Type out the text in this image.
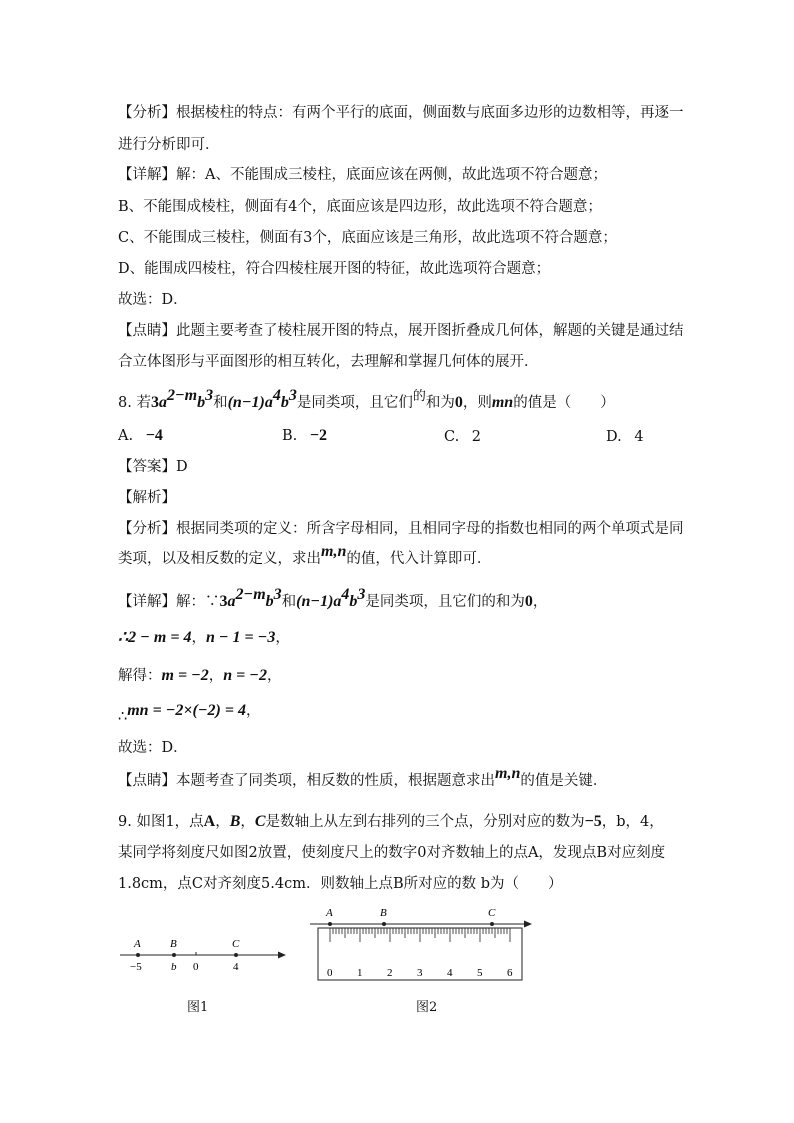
【分析】根据棱柱的特点：有两个平行的底面，侧面数与底面多边形的边数相等，再逐一
进行分析即可．
【详解】解：A、不能围成三棱柱，底面应该在两侧，故此选项不符合题意；
B、不能围成棱柱，侧面有4个，底面应该是四边形，故此选项不符合题意；
C、不能围成三棱柱，侧面有3个，底面应该是三角形，故此选项不符合题意；
D、能围成四棱柱，符合四棱柱展开图的特征，故此选项符合题意；
故选：D．
【点睛】此题主要考查了棱柱展开图的特点，展开图折叠成几何体，解题的关键是通过结
合立体图形与平面图形的相互转化，去理解和掌握几何体的展开．
8. 若$3a^{2-m}b^3$和$(n-1)a^4b^3$是同类项，且它们$^的$和为0，则mn的值是（　　）
A. −4	B. −2	C. 2	D. 4
【答案】D
【解析】
【分析】根据同类项的定义：所含字母相同，且相同字母的指数也相同的两个单项式是同
类项，以及相反数的定义，求出$^{m,n}$的值，代入计算即可．
【详解】解：$\because 3a^{2-m}b^3$和$(n-1)a^4b^3$是同类项，且它们的和为0，
∴2 − m = 4，n − 1 = −3，
解得：m = −2，n = −2，
∴mn = −2×(−2) = 4，
故选：D．
【点睛】本题考查了同类项，相反数的性质，根据题意求出$^{m,n}$的值是关键．
9. 如图1，点A，B，C是数轴上从左到右排列的三个点，分别对应的数为−5，b，4，
某同学将刻度尺如图2放置，使刻度尺上的数字0对齐数轴上的点A，发现点B对应刻度
1.8cm，点C对齐刻度5.4cm．则数轴上点B所对应的数 b为（　　）
A	B	C
−5	b 0	4
图1
A	B	C
0 1 2 3 4 5 6
图2
